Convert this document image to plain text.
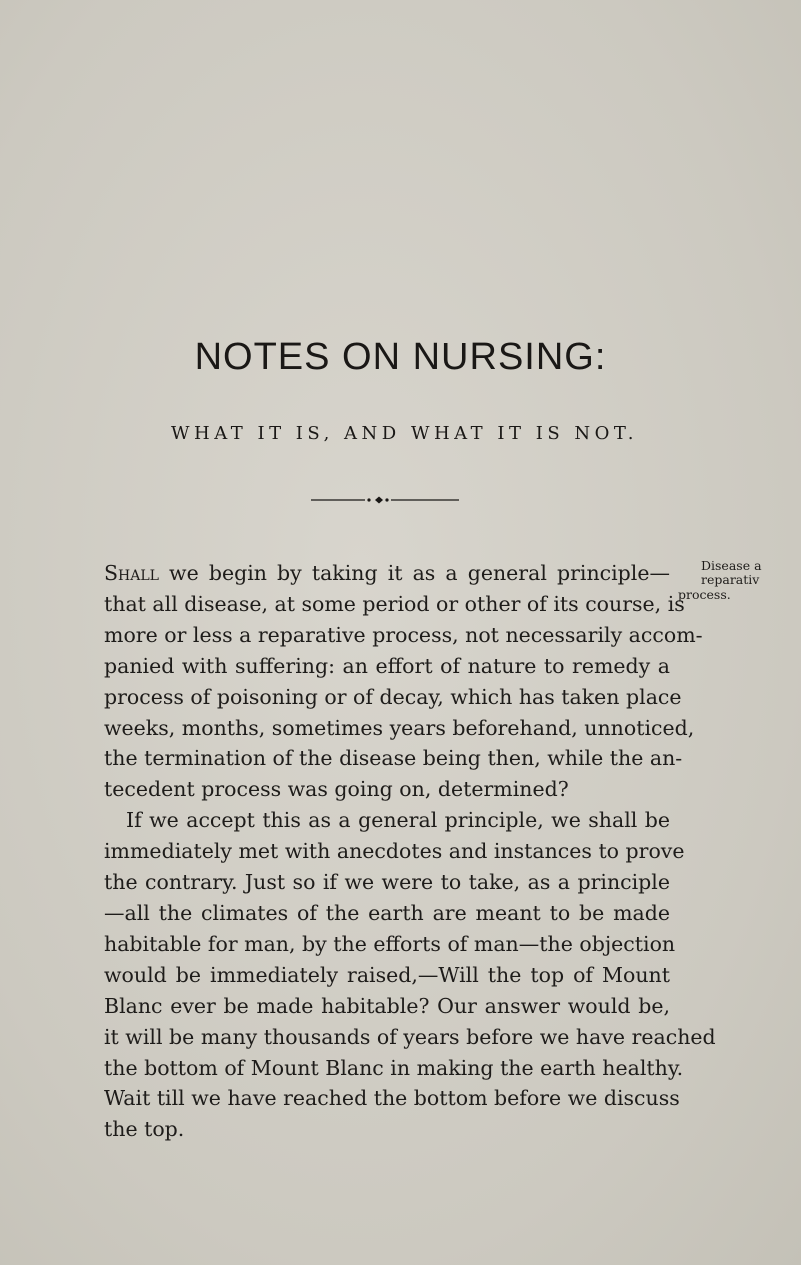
NOTES ON NURSING:
WHAT IT IS, AND WHAT IT IS NOT.
Disease a
reparativ
process.

Shall we begin by taking it as a general principle—
that all disease, at some period or other of its course, is
more or less a reparative process, not necessarily accom-
panied with suffering: an effort of nature to remedy a
process of poisoning or of decay, which has taken place
weeks, months, sometimes years beforehand, unnoticed,
the termination of the disease being then, while the an-
tecedent process was going on, determined?

If we accept this as a general principle, we shall be
immediately met with anecdotes and instances to prove
the contrary. Just so if we were to take, as a principle
—all the climates of the earth are meant to be made
habitable for man, by the efforts of man—the objection
would be immediately raised,—Will the top of Mount
Blanc ever be made habitable? Our answer would be,
it will be many thousands of years before we have reached
the bottom of Mount Blanc in making the earth healthy.
Wait till we have reached the bottom before we discuss
the top.
